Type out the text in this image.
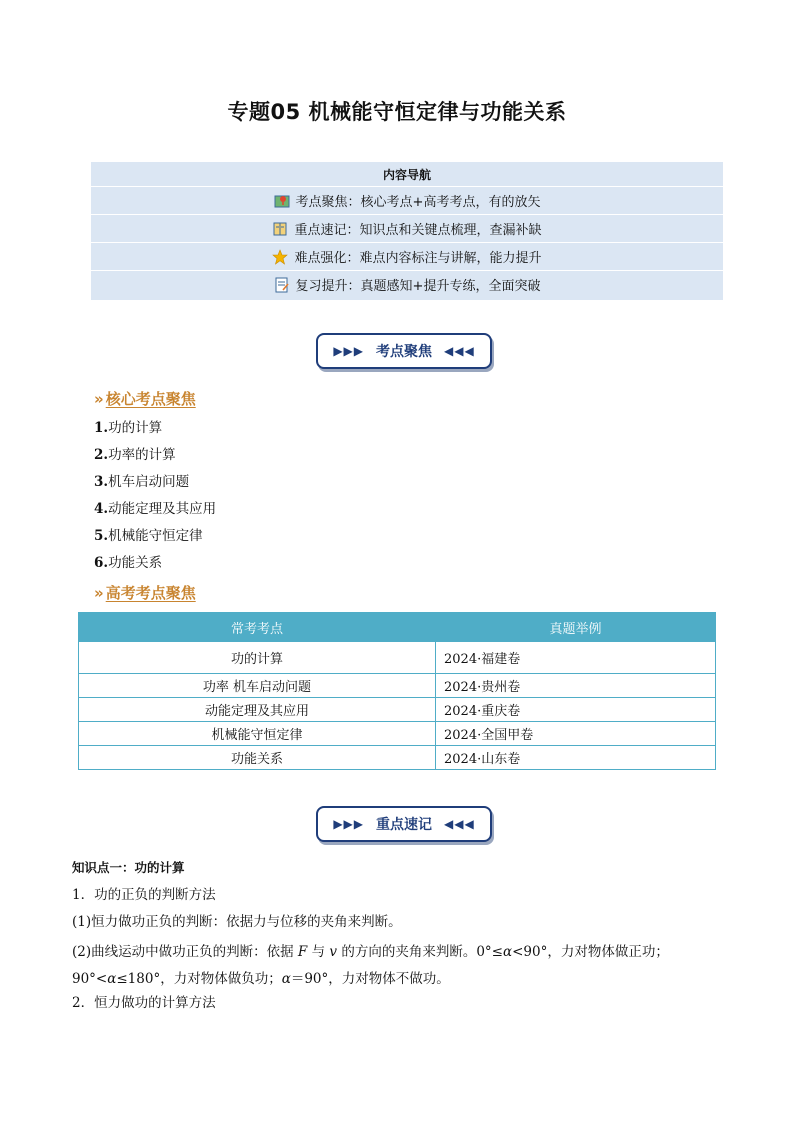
专题05 机械能守恒定律与功能关系
内容导航
考点聚焦：核心考点+高考考点，有的放矢
重点速记：知识点和关键点梳理，查漏补缺
难点强化：难点内容标注与讲解，能力提升
复习提升：真题感知+提升专练，全面突破
▶▶▶ 考点聚焦 ◀◀◀
» 核心考点聚焦
1.功的计算
2.功率的计算
3.机车启动问题
4.动能定理及其应用
5.机械能守恒定律
6.功能关系
» 高考考点聚焦
常考考点	真题举例
功的计算	2024·福建卷
功率 机车启动问题	2024·贵州卷
动能定理及其应用	2024·重庆卷
机械能守恒定律	2024·全国甲卷
功能关系	2024·山东卷
▶▶▶ 重点速记 ◀◀◀

知识点一：功的计算

1．功的正负的判断方法

(1)恒力做功正负的判断：依据力与位移的夹角来判断。

(2)曲线运动中做功正负的判断：依据 F 与 v 的方向的夹角来判断。0°≤α<90°，力对物体做正功；90°<α≤180°，力对物体做负功；α＝90°，力对物体不做功。

2．恒力做功的计算方法
